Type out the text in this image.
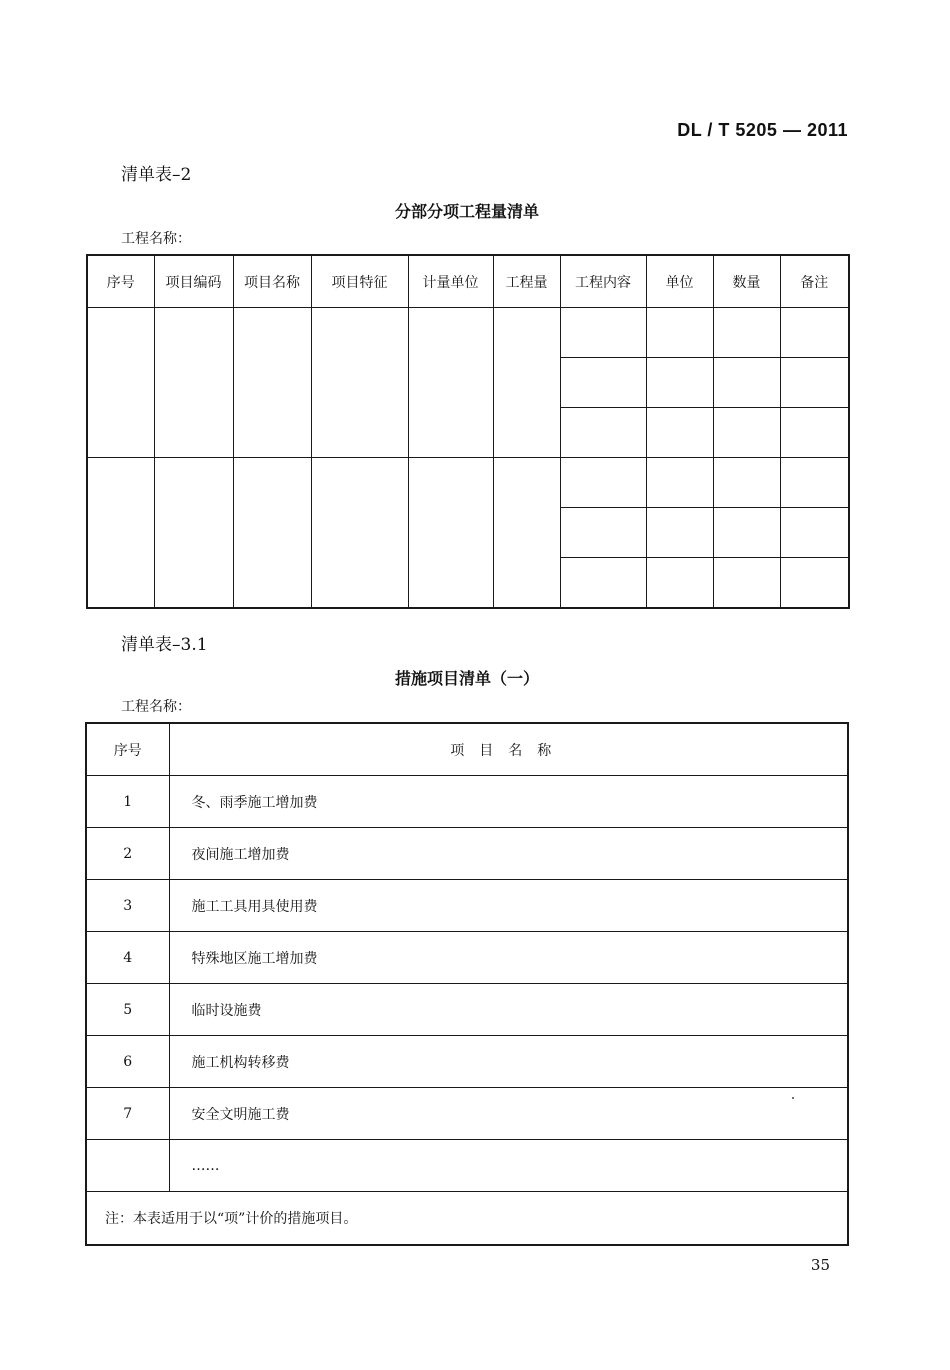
DL / T 5205 — 2011
清单表–2
分部分项工程量清单
工程名称：
序号	项目编码	项目名称	项目特征	计量单位	工程量	工程内容	单位	数量	备注

清单表–3.1
措施项目清单（一）
工程名称：
序号	项目名称
1	冬、雨季施工增加费
2	夜间施工增加费
3	施工工具用具使用费
4	特殊地区施工增加费
5	临时设施费
6	施工机构转移费
7	安全文明施工费
	……
注：本表适用于以“项”计价的措施项目。	
35
